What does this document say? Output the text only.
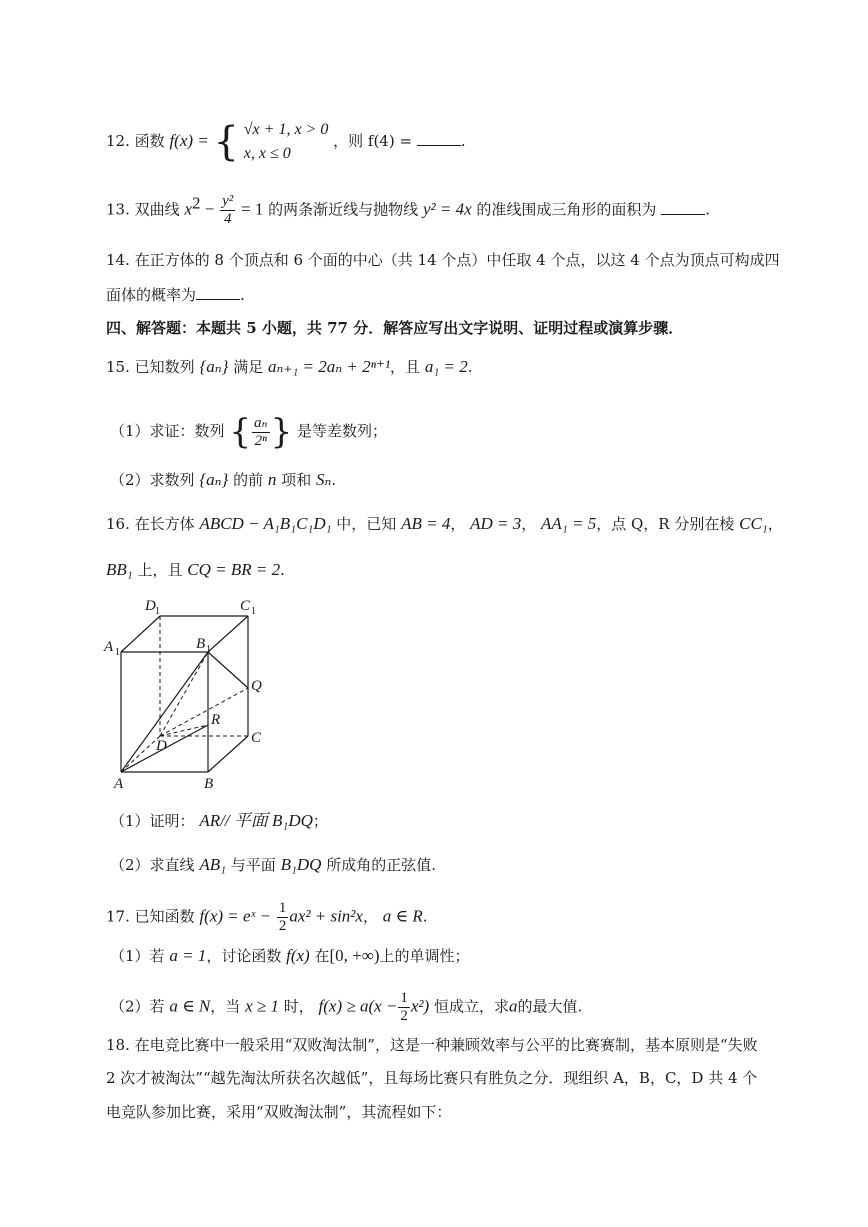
12. 函数 f(x) = { √x + 1, x > 0
x, x ≤ 0
，则 f(4) =	.
13. 双曲线 $x^2 - \frac{\text{y²}}{4} = 1$ 的两条渐近线与抛物线 y² = 4x 的准线围成三角形的面积为	.
14. 在正方体的 8 个顶点和 6 个面的中心（共 14 个点）中任取 4 个点，以这 4 个点为顶点可构成四
面体的概率为	.
四、解答题：本题共 5 小题，共 77 分．解答应写出文字说明、证明过程或演算步骤．
15. 已知数列 {aₙ} 满足 aₙ₊₁ = 2aₙ + 2ⁿ⁺¹，且 a₁ = 2.
（1）求证：数列 { $\frac{\text{aₙ}}{\text{2ⁿ}}$ } 是等差数列；
（2）求数列 {aₙ} 的前 n 项和 Sₙ.
16. 在长方体 ABCD − A₁B₁C₁D₁ 中，已知 AB = 4， AD = 3， AA₁ = 5，点 Q，R 分别在棱 CC₁，
BB₁ 上，且 CQ = BR = 2.
D 1	C 1
A 1
B 1
Q
R
D	C
A	B
（1）证明： AR// 平面 B₁DQ；
（2）求直线 AB₁ 与平面 B₁DQ 所成角的正弦值.
17. 已知函数 f(x) = eˣ − $\frac{1}{2} ax^2 + \sin^2x$， a ∈ R.
（1）若 a = 1，讨论函数 f(x) 在[0, +∞)上的单调性；
（2）若 a ∈ N，当 x ≥ 1 时， $f(x) \ge a(x - \frac{1}{2} x^2)$ 恒成立，求a的最大值.
18. 在电竞比赛中一般采用“双败淘汰制”，这是一种兼顾效率与公平的比赛赛制，基本原则是“失败
2 次才被淘汰”“越先淘汰所获名次越低”，且每场比赛只有胜负之分．现组织 A，B，C，D 共 4 个
电竞队参加比赛，采用“双败淘汰制”，其流程如下：
